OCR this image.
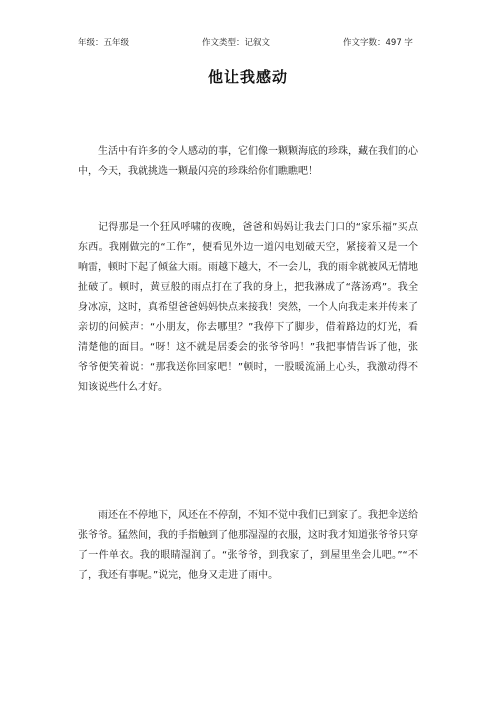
年级：五年级	作文类型：记叙文	作文字数：497 字
他让我感动

生活中有许多的令人感动的事，它们像一颗颗海底的珍珠，藏在我们的心中，今天，我就挑选一颗最闪亮的珍珠给你们瞧瞧吧！

记得那是一个狂风呼啸的夜晚，爸爸和妈妈让我去门口的“家乐福”买点东西。我刚做完的“工作”，便看见外边一道闪电划破天空，紧接着又是一个响雷，顿时下起了倾盆大雨。雨越下越大，不一会儿，我的雨伞就被风无情地扯破了。顿时，黄豆般的雨点打在了我的身上，把我淋成了“落汤鸡”。我全身冰凉，这时，真希望爸爸妈妈快点来接我！突然，一个人向我走来并传来了亲切的问候声：“小朋友，你去哪里？”我停下了脚步，借着路边的灯光，看清楚他的面目。“呀！这不就是居委会的张爷爷吗！”我把事情告诉了他，张爷爷便笑着说：“那我送你回家吧！”顿时，一股暖流涌上心头，我激动得不知该说些什么才好。

雨还在不停地下，风还在不停刮，不知不觉中我们已到家了。我把伞送给张爷爷。猛然间，我的手指触到了他那湿湿的衣服，这时我才知道张爷爷只穿了一件单衣。我的眼睛湿润了。“张爷爷，到我家了，到屋里坐会儿吧。”“不了，我还有事呢。”说完，他身又走进了雨中。
